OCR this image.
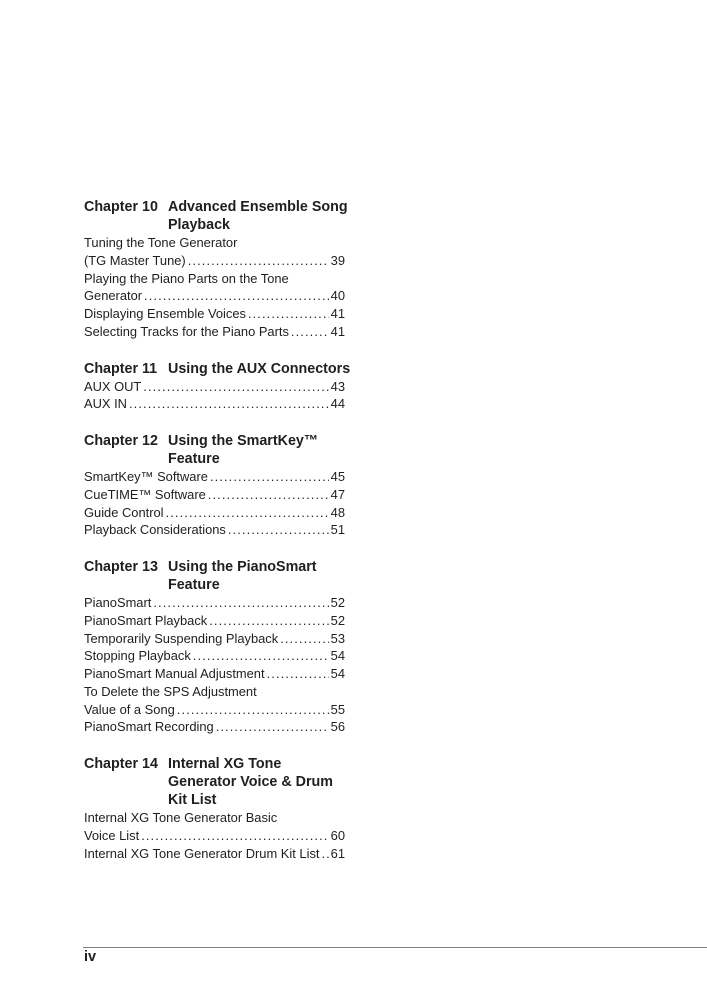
Chapter 10 Advanced Ensemble Song
Playback
Tuning the Tone Generator
(TG Master Tune) .....	39
Playing the Piano Parts on the Tone
Generator .....	40
Displaying Ensemble Voices .....	41
Selecting Tracks for the Piano Parts .....	41
Chapter 11 Using the AUX Connectors
AUX OUT .....	43
AUX IN .....	44
Chapter 12 Using the SmartKey™
Feature
SmartKey™ Software .....	45
CueTIME™ Software .....	47
Guide Control .....	48
Playback Considerations .....	51
Chapter 13 Using the PianoSmart
Feature
PianoSmart .....	52
PianoSmart Playback .....	52
Temporarily Suspending Playback .....	53
Stopping Playback .....	54
PianoSmart Manual Adjustment .....	54
To Delete the SPS Adjustment
Value of a Song .....	55
PianoSmart Recording .....	56
Chapter 14 Internal XG Tone
Generator Voice & Drum
Kit List
Internal XG Tone Generator Basic
Voice List .....	60
Internal XG Tone Generator Drum Kit List ..... 61
iv
